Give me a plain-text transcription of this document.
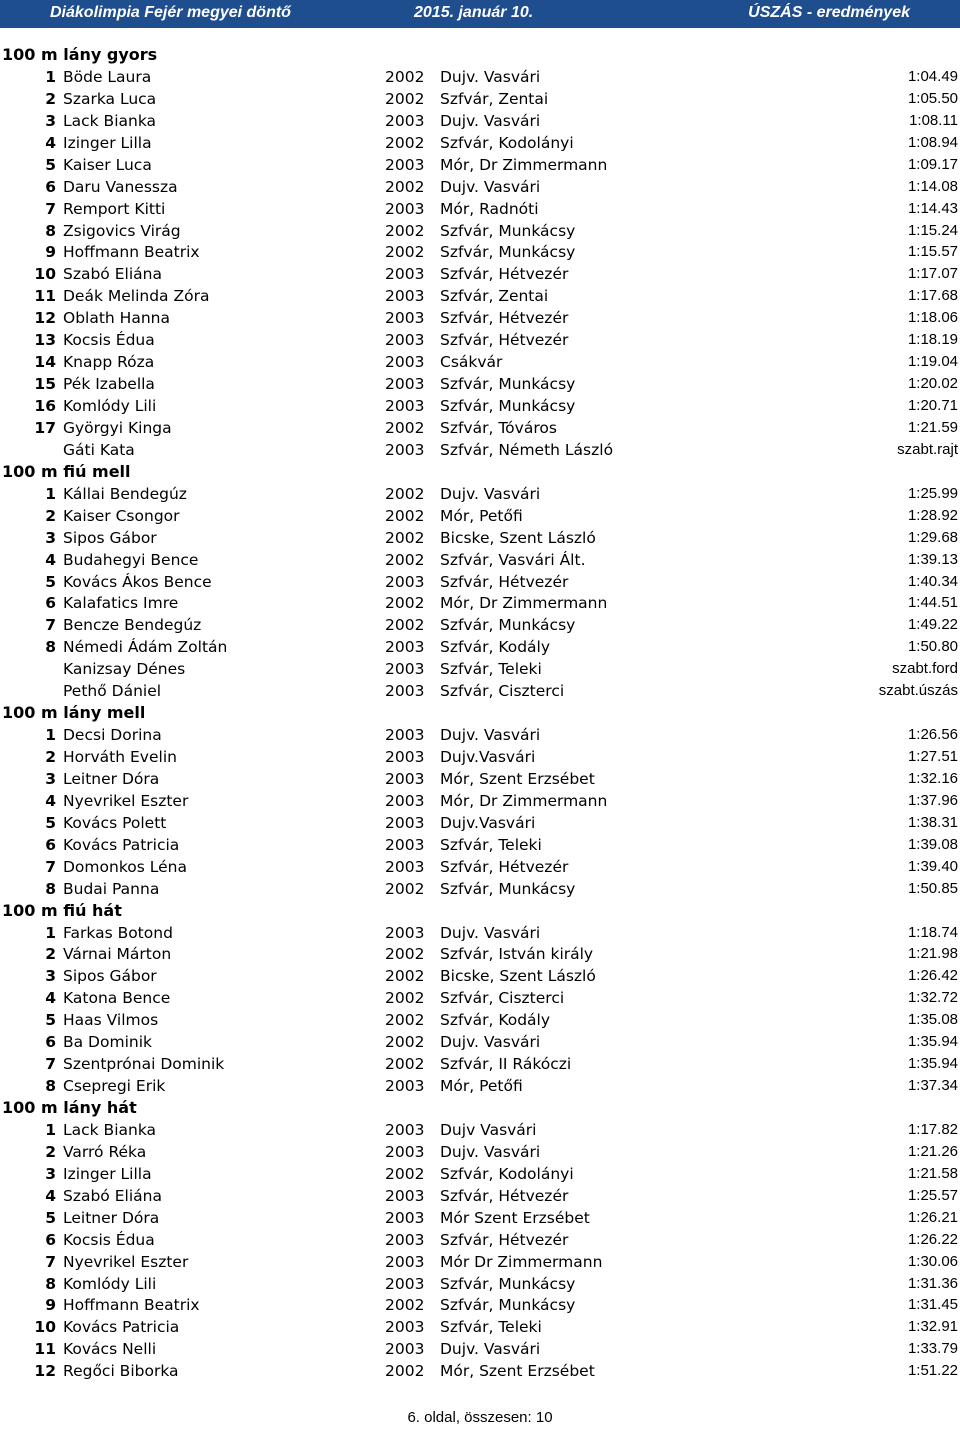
Diákolimpia Fejér megyei döntő	2015. január 10.	ÚSZÁS - eredmények
100 m lány gyors
1 Böde Laura	2002 Dujv. Vasvári	1:04.49
2 Szarka Luca	2002 Szfvár, Zentai	1:05.50
3 Lack Bianka	2003 Dujv. Vasvári	1:08.11
4 Izinger Lilla	2002 Szfvár, Kodolányi	1:08.94
5 Kaiser Luca	2003 Mór, Dr Zimmermann	1:09.17
6 Daru Vanessza	2002 Dujv. Vasvári	1:14.08
7 Remport Kitti	2003 Mór, Radnóti	1:14.43
8 Zsigovics Virág	2002 Szfvár, Munkácsy	1:15.24
9 Hoffmann Beatrix	2002 Szfvár, Munkácsy	1:15.57
10 Szabó Eliána	2003 Szfvár, Hétvezér	1:17.07
11 Deák Melinda Zóra	2003 Szfvár, Zentai	1:17.68
12 Oblath Hanna	2003 Szfvár, Hétvezér	1:18.06
13 Kocsis Édua	2003 Szfvár, Hétvezér	1:18.19
14 Knapp Róza	2003 Csákvár	1:19.04
15 Pék Izabella	2003 Szfvár, Munkácsy	1:20.02
16 Komlódy Lili	2003 Szfvár, Munkácsy	1:20.71
17 Györgyi Kinga	2002 Szfvár, Tóváros	1:21.59
Gáti Kata	2003 Szfvár, Németh László	szabt.rajt
100 m fiú mell
1 Kállai Bendegúz	2002 Dujv. Vasvári	1:25.99
2 Kaiser Csongor	2002 Mór, Petőfi	1:28.92
3 Sipos Gábor	2002 Bicske, Szent László	1:29.68
4 Budahegyi Bence	2002 Szfvár, Vasvári Ált.	1:39.13
5 Kovács Ákos Bence	2003 Szfvár, Hétvezér	1:40.34
6 Kalafatics Imre	2002 Mór, Dr Zimmermann	1:44.51
7 Bencze Bendegúz	2002 Szfvár, Munkácsy	1:49.22
8 Némedi Ádám Zoltán	2003 Szfvár, Kodály	1:50.80
Kanizsay Dénes	2003 Szfvár, Teleki	szabt.ford
Pethő Dániel	2003 Szfvár, Ciszterci	szabt.úszás
100 m lány mell
1 Decsi Dorina	2003 Dujv. Vasvári	1:26.56
2 Horváth Evelin	2003 Dujv.Vasvári	1:27.51
3 Leitner Dóra	2003 Mór, Szent Erzsébet	1:32.16
4 Nyevrikel Eszter	2003 Mór, Dr Zimmermann	1:37.96
5 Kovács Polett	2003 Dujv.Vasvári	1:38.31
6 Kovács Patricia	2003 Szfvár, Teleki	1:39.08
7 Domonkos Léna	2003 Szfvár, Hétvezér	1:39.40
8 Budai Panna	2002 Szfvár, Munkácsy	1:50.85
100 m fiú hát
1 Farkas Botond	2003 Dujv. Vasvári	1:18.74
2 Várnai Márton	2002 Szfvár, István király	1:21.98
3 Sipos Gábor	2002 Bicske, Szent László	1:26.42
4 Katona Bence	2002 Szfvár, Ciszterci	1:32.72
5 Haas Vilmos	2002 Szfvár, Kodály	1:35.08
6 Ba Dominik	2002 Dujv. Vasvári	1:35.94
7 Szentprónai Dominik	2002 Szfvár, II Rákóczi	1:35.94
8 Csepregi Erik	2003 Mór, Petőfi	1:37.34
100 m lány hát
1 Lack Bianka	2003 Dujv Vasvári	1:17.82
2 Varró Réka	2003 Dujv. Vasvári	1:21.26
3 Izinger Lilla	2002 Szfvár, Kodolányi	1:21.58
4 Szabó Eliána	2003 Szfvár, Hétvezér	1:25.57
5 Leitner Dóra	2003 Mór Szent Erzsébet	1:26.21
6 Kocsis Édua	2003 Szfvár, Hétvezér	1:26.22
7 Nyevrikel Eszter	2003 Mór Dr Zimmermann	1:30.06
8 Komlódy Lili	2003 Szfvár, Munkácsy	1:31.36
9 Hoffmann Beatrix	2002 Szfvár, Munkácsy	1:31.45
10 Kovács Patricia	2003 Szfvár, Teleki	1:32.91
11 Kovács Nelli	2003 Dujv. Vasvári	1:33.79
12 Regőci Biborka	2002 Mór, Szent Erzsébet	1:51.22
6. oldal, összesen: 10
